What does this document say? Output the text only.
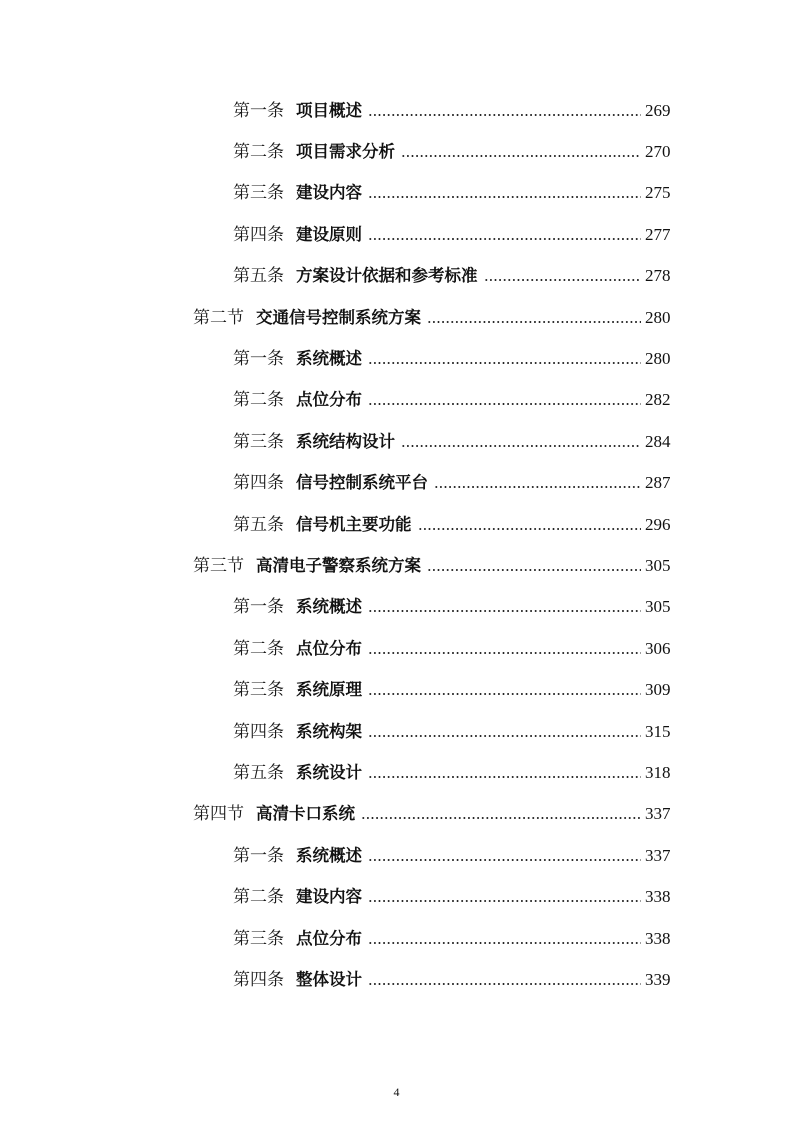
第一条 项目概述	269
第二条 项目需求分析	270
第三条 建设内容	275
第四条 建设原则	277
第五条 方案设计依据和参考标准	278
第二节 交通信号控制系统方案	280
第一条 系统概述	280
第二条 点位分布	282
第三条 系统结构设计	284
第四条 信号控制系统平台	287
第五条 信号机主要功能	296
第三节 高清电子警察系统方案	305
第一条 系统概述	305
第二条 点位分布	306
第三条 系统原理	309
第四条 系统构架	315
第五条 系统设计	318
第四节 高清卡口系统	337
第一条 系统概述	337
第二条 建设内容	338
第三条 点位分布	338
第四条 整体设计	339
4
